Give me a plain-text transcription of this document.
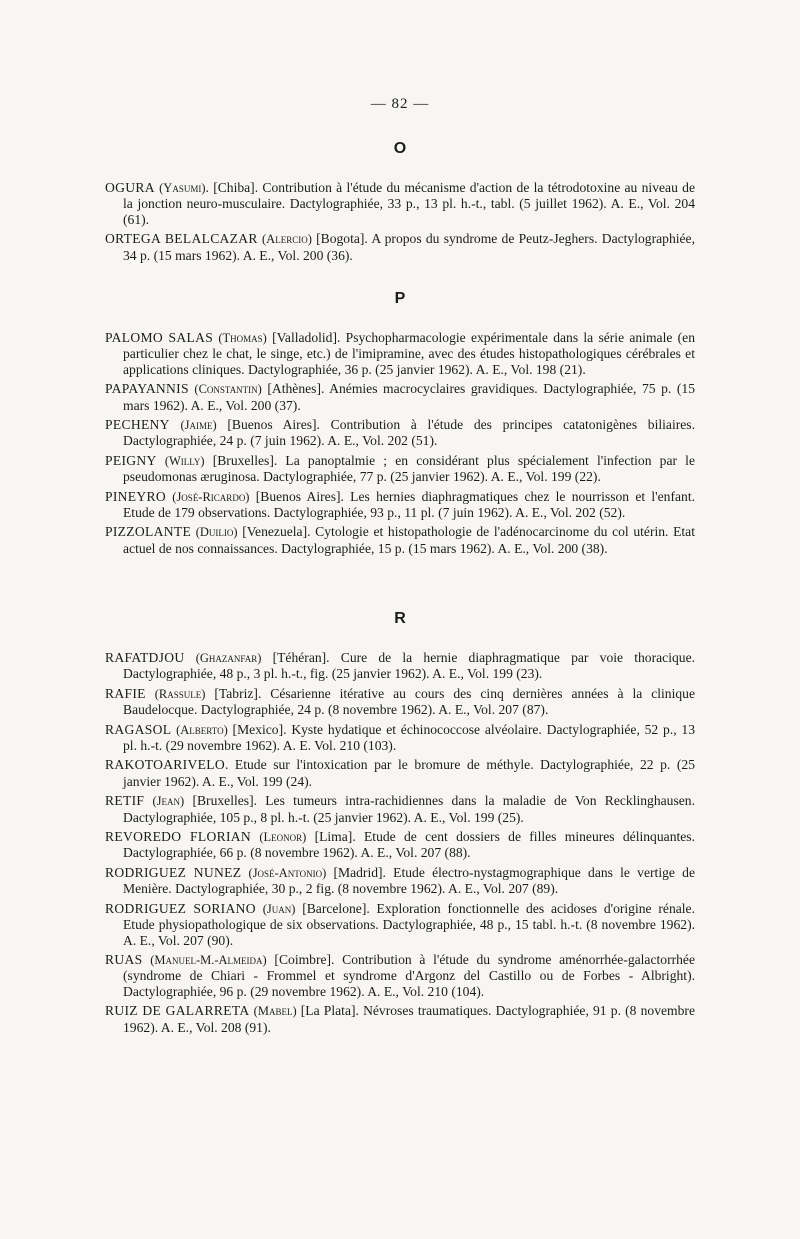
— 82 —
O

OGURA (Yasumi). [Chiba]. Contribution à l'étude du mécanisme d'action de la tétrodotoxine au niveau de la jonction neuro-musculaire. Dactylographiée, 33 p., 13 pl. h.-t., tabl. (5 juillet 1962). A. E., Vol. 204 (61).

ORTEGA BELALCAZAR (Alercio) [Bogota]. A propos du syndrome de Peutz-Jeghers. Dactylographiée, 34 p. (15 mars 1962). A. E., Vol. 200 (36).

P

PALOMO SALAS (Thomas) [Valladolid]. Psychopharmacologie expérimentale dans la série animale (en particulier chez le chat, le singe, etc.) de l'imipramine, avec des études histopathologiques cérébrales et applications cliniques. Dactylographiée, 36 p. (25 janvier 1962). A. E., Vol. 198 (21).

PAPAYANNIS (Constantin) [Athènes]. Anémies macrocyclaires gravidiques. Dactylographiée, 75 p. (15 mars 1962). A. E., Vol. 200 (37).

PECHENY (Jaime) [Buenos Aires]. Contribution à l'étude des principes catatonigènes biliaires. Dactylographiée, 24 p. (7 juin 1962). A. E., Vol. 202 (51).

PEIGNY (Willy) [Bruxelles]. La panoptalmie ; en considérant plus spécialement l'infection par le pseudomonas æruginosa. Dactylographiée, 77 p. (25 janvier 1962). A. E., Vol. 199 (22).

PINEYRO (José-Ricardo) [Buenos Aires]. Les hernies diaphragmatiques chez le nourrisson et l'enfant. Etude de 179 observations. Dactylographiée, 93 p., 11 pl. (7 juin 1962). A. E., Vol. 202 (52).

PIZZOLANTE (Duilio) [Venezuela]. Cytologie et histopathologie de l'adénocarcinome du col utérin. Etat actuel de nos connaissances. Dactylographiée, 15 p. (15 mars 1962). A. E., Vol. 200 (38).

R

RAFATDJOU (Ghazanfar) [Téhéran]. Cure de la hernie diaphragmatique par voie thoracique. Dactylographiée, 48 p., 3 pl. h.-t., fig. (25 janvier 1962). A. E., Vol. 199 (23).

RAFIE (Rassule) [Tabriz]. Césarienne itérative au cours des cinq dernières années à la clinique Baudelocque. Dactylographiée, 24 p. (8 novembre 1962). A. E., Vol. 207 (87).

RAGASOL (Alberto) [Mexico]. Kyste hydatique et échinococcose alvéolaire. Dactylographiée, 52 p., 13 pl. h.-t. (29 novembre 1962). A. E. Vol. 210 (103).

RAKOTOARIVELO. Etude sur l'intoxication par le bromure de méthyle. Dactylographiée, 22 p. (25 janvier 1962). A. E., Vol. 199 (24).

RETIF (Jean) [Bruxelles]. Les tumeurs intra-rachidiennes dans la maladie de Von Recklinghausen. Dactylographiée, 105 p., 8 pl. h.-t. (25 janvier 1962). A. E., Vol. 199 (25).

REVOREDO FLORIAN (Leonor) [Lima]. Etude de cent dossiers de filles mineures délinquantes. Dactylographiée, 66 p. (8 novembre 1962). A. E., Vol. 207 (88).

RODRIGUEZ NUNEZ (José-Antonio) [Madrid]. Etude électro-nystagmographique dans le vertige de Menière. Dactylographiée, 30 p., 2 fig. (8 novembre 1962). A. E., Vol. 207 (89).

RODRIGUEZ SORIANO (Juan) [Barcelone]. Exploration fonctionnelle des acidoses d'origine rénale. Etude physiopathologique de six observations. Dactylographiée, 48 p., 15 tabl. h.-t. (8 novembre 1962). A. E., Vol. 207 (90).

RUAS (Manuel-M.-Almeida) [Coimbre]. Contribution à l'étude du syndrome aménorrhée-galactorrhée (syndrome de Chiari - Frommel et syndrome d'Argonz del Castillo ou de Forbes - Albright). Dactylographiée, 96 p. (29 novembre 1962). A. E., Vol. 210 (104).

RUIZ DE GALARRETA (Mabel) [La Plata]. Névroses traumatiques. Dactylographiée, 91 p. (8 novembre 1962). A. E., Vol. 208 (91).
